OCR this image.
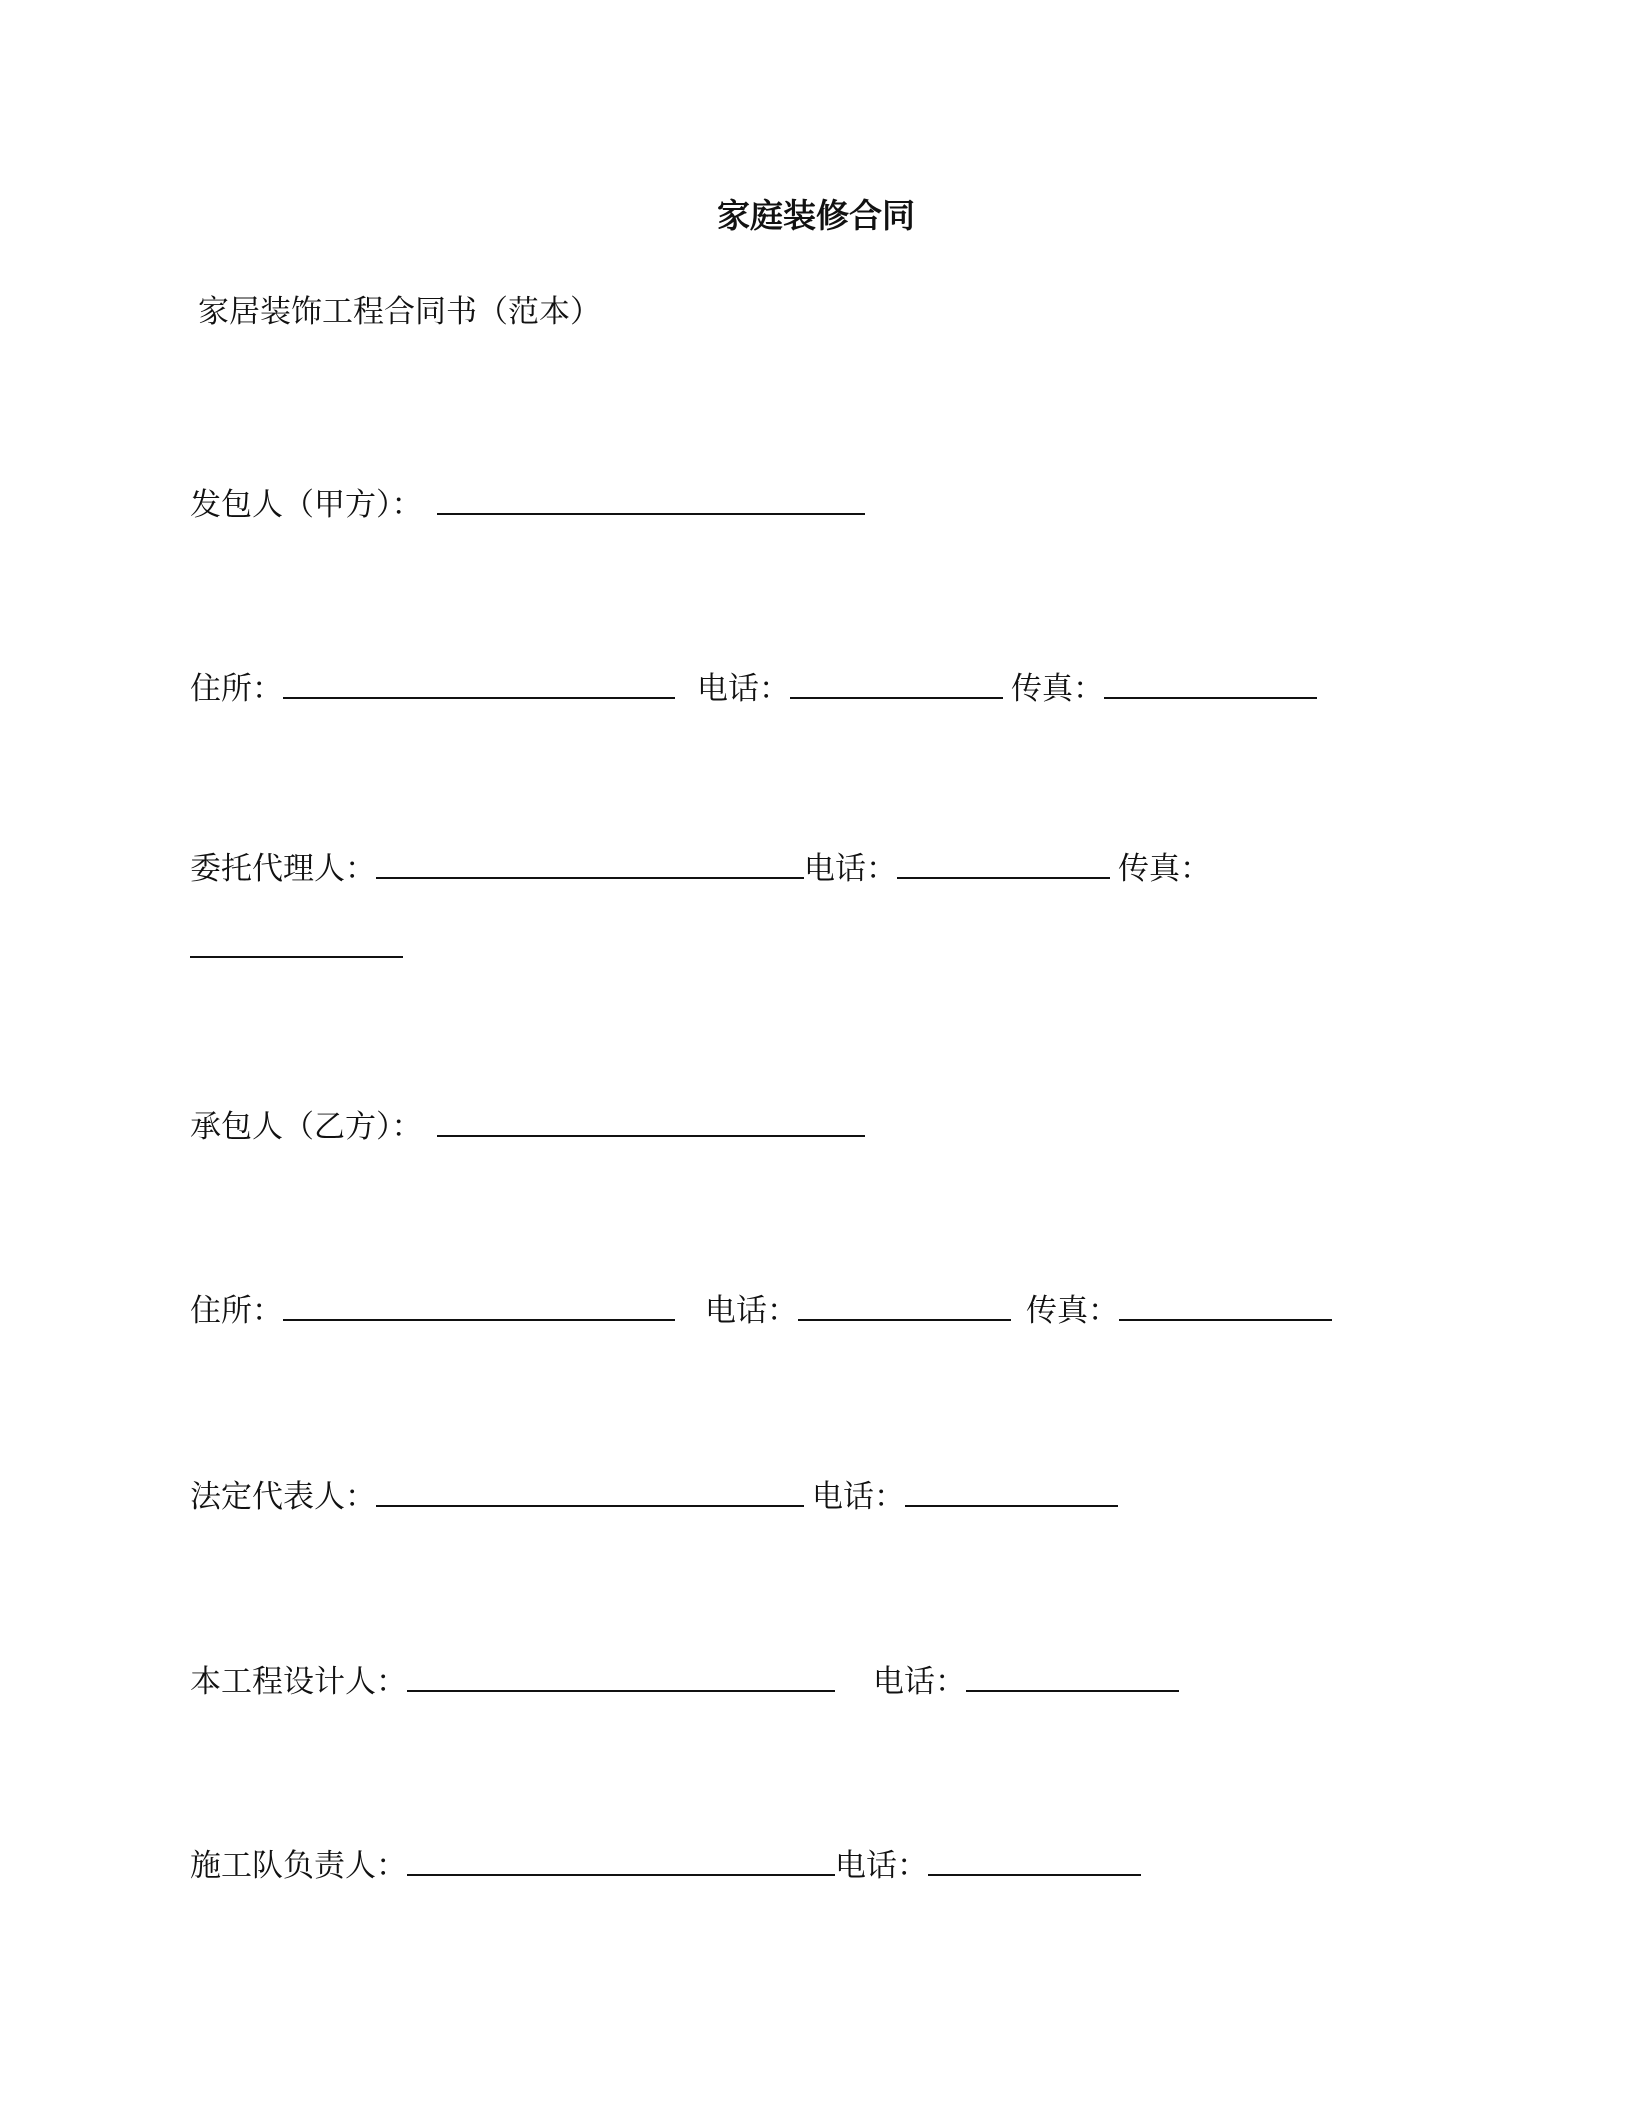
家庭装修合同
家居装饰工程合同书（范本）
发包人（甲方）：
住所：	电话：	传真：
委托代理人：	电话：	传真：
承包人（乙方）：
住所：	电话：	传真：
法定代表人：	电话：
本工程设计人：	电话：
施工队负责人：	电话：
